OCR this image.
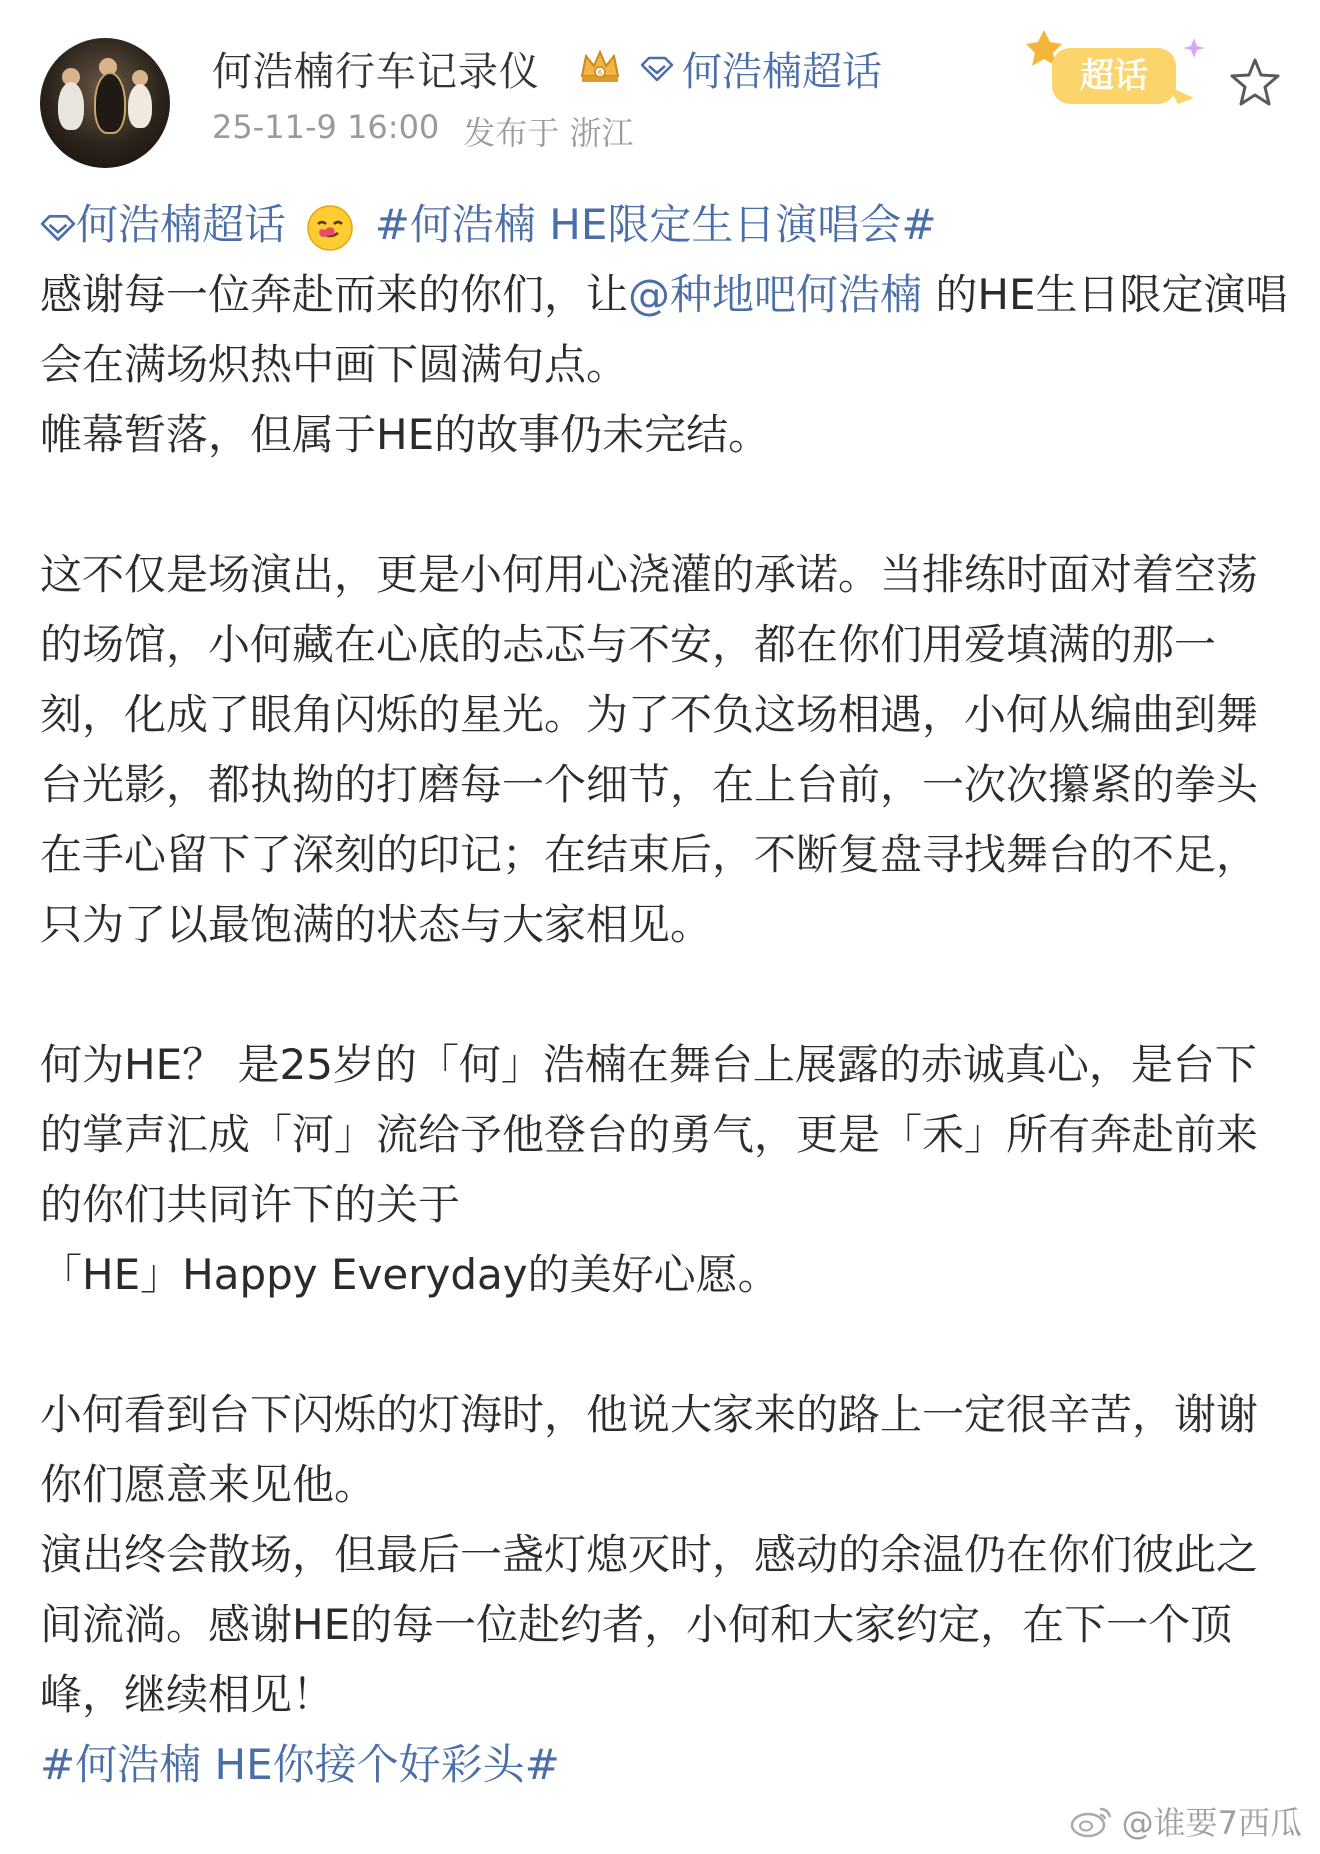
何浩楠行车记录仪	6 何浩楠超话
25-11-9 16:00 发布于 浙江
超话

何浩楠超话 #何浩楠 HE限定生日演唱会#

感谢每一位奔赴而来的你们，让@种地吧何浩楠 的HE生日限定演唱会在满场炽热中画下圆满句点。

帷幕暂落，但属于HE的故事仍未完结。

这不仅是场演出，更是小何用心浇灌的承诺。当排练时面对着空荡的场馆，小何藏在心底的忐忑与不安，都在你们用爱填满的那一刻，化成了眼角闪烁的星光。为了不负这场相遇，小何从编曲到舞台光影，都执拗的打磨每一个细节，在上台前，一次次攥紧的拳头在手心留下了深刻的印记；在结束后，不断复盘寻找舞台的不足，只为了以最饱满的状态与大家相见。

何为HE？ 是25岁的「何」浩楠在舞台上展露的赤诚真心，是台下的掌声汇成「河」流给予他登台的勇气，更是「禾」所有奔赴前来的你们共同许下的关于

「HE」Happy Everyday的美好心愿。

小何看到台下闪烁的灯海时，他说大家来的路上一定很辛苦，谢谢你们愿意来见他。

演出终会散场，但最后一盏灯熄灭时，感动的余温仍在你们彼此之间流淌。感谢HE的每一位赴约者，小何和大家约定，在下一个顶峰，继续相见！

#何浩楠 HE你接个好彩头#

@谁要7西瓜
